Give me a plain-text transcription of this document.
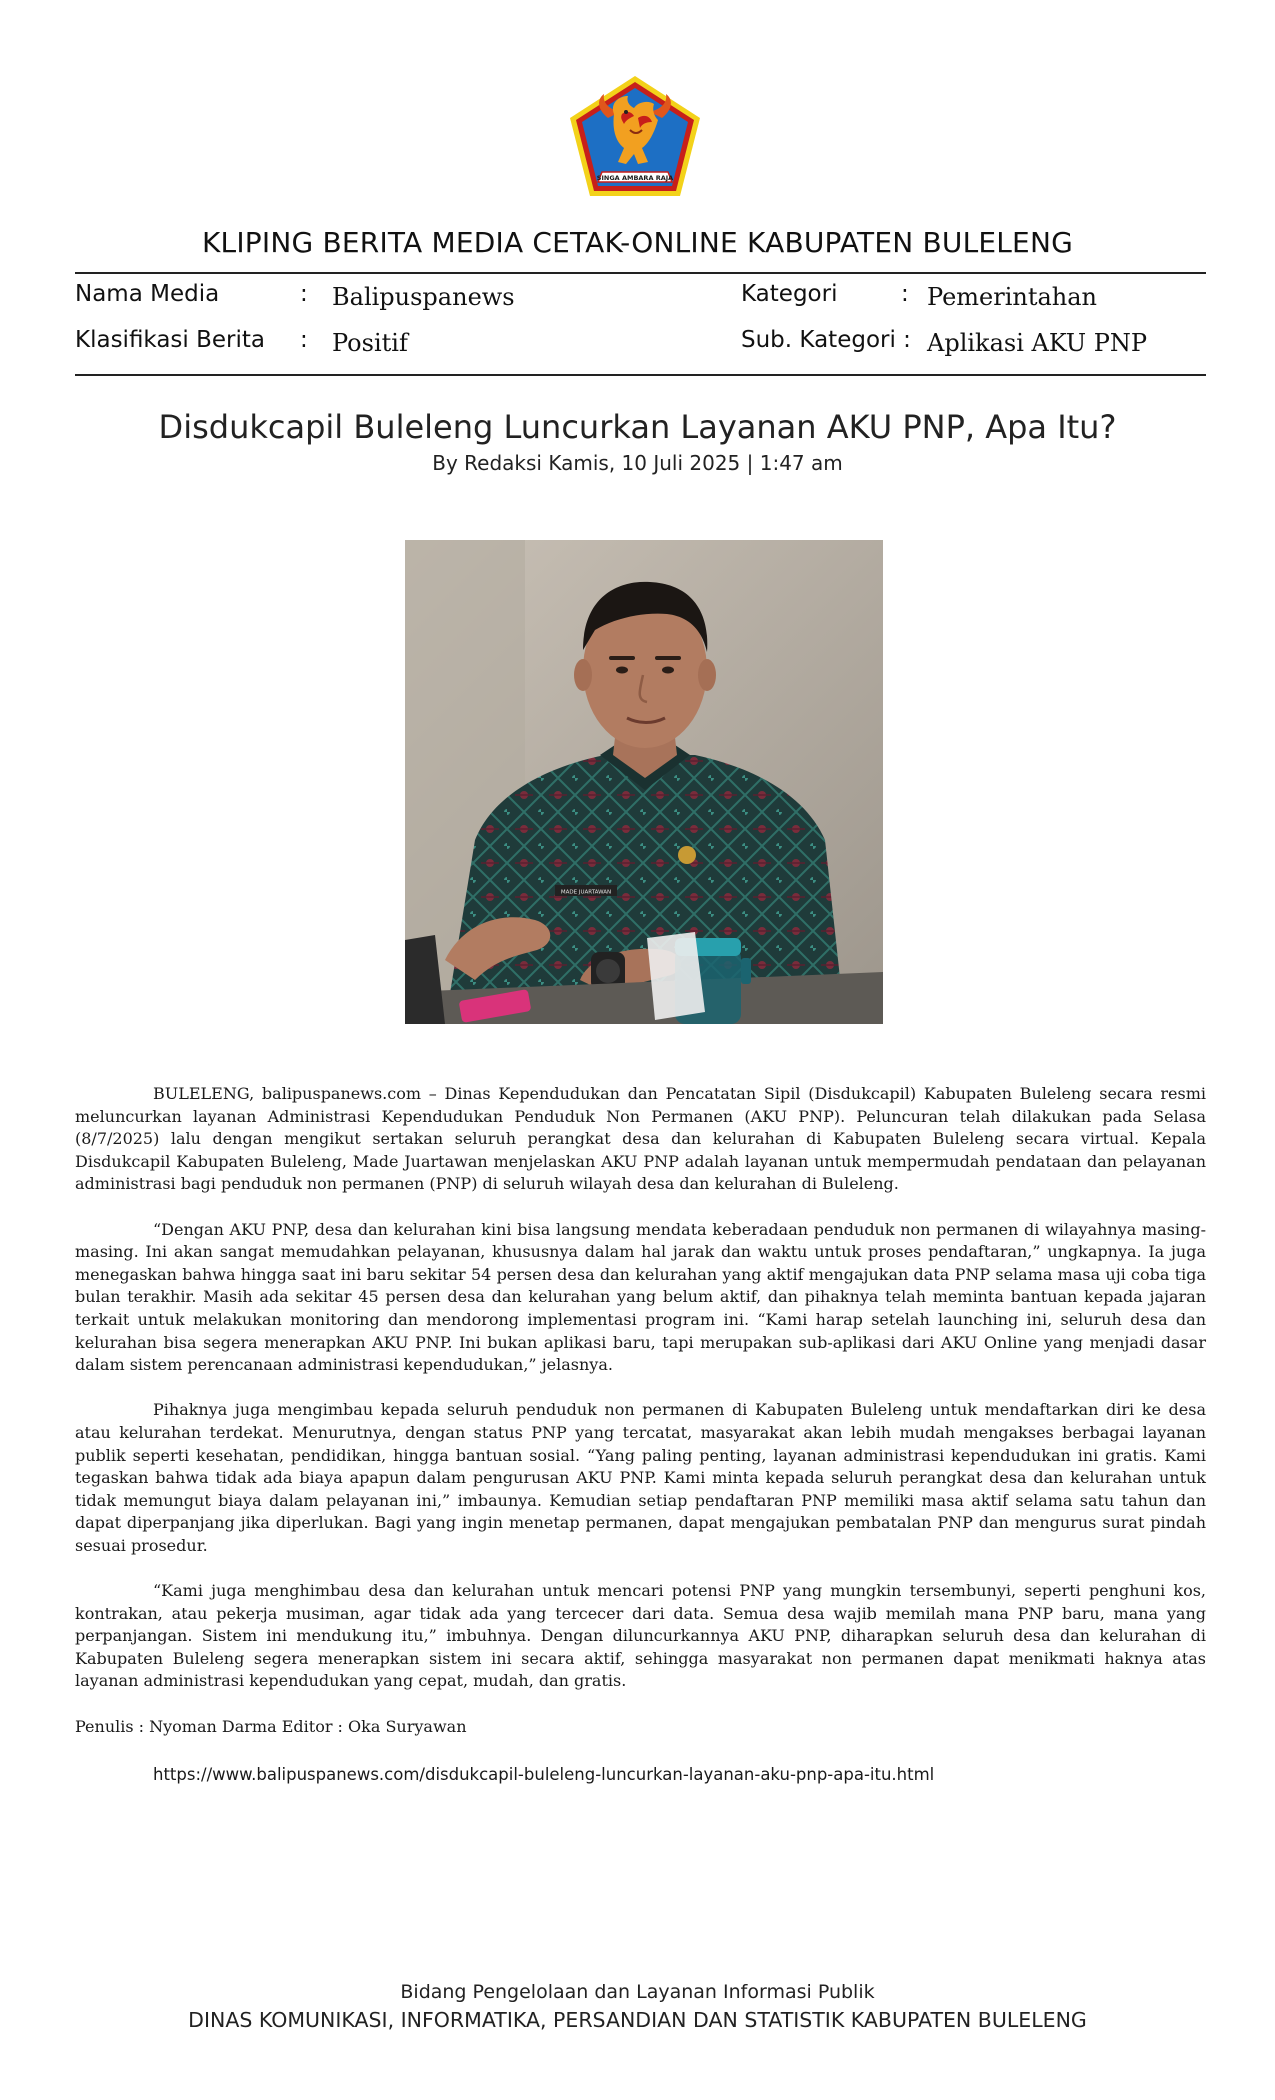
SINGA AMBARA RAJA
KLIPING BERITA MEDIA CETAK-ONLINE KABUPATEN BULELENG
Nama Media	: Balipuspanews	Kategori	: Pemerintahan
Klasifikasi Berita : Positif	Sub. Kategori : Aplikasi AKU PNP
Disdukcapil Buleleng Luncurkan Layanan AKU PNP, Apa Itu?
By Redaksi Kamis, 10 Juli 2025 | 1:47 am
MADE JUARTAWAN

BULELENG, balipuspanews.com – Dinas Kependudukan dan Pencatatan Sipil (Disdukcapil) Kabupaten Buleleng secara resmi meluncurkan layanan Administrasi Kependudukan Penduduk Non Permanen (AKU PNP). Peluncuran telah dilakukan pada Selasa (8/7/2025) lalu dengan mengikut sertakan seluruh perangkat desa dan kelurahan di Kabupaten Buleleng secara virtual. Kepala Disdukcapil Kabupaten Buleleng, Made Juartawan menjelaskan AKU PNP adalah layanan untuk mempermudah pendataan dan pelayanan administrasi bagi penduduk non permanen (PNP) di seluruh wilayah desa dan kelurahan di Buleleng.

“Dengan AKU PNP, desa dan kelurahan kini bisa langsung mendata keberadaan penduduk non permanen di wilayahnya masing-masing. Ini akan sangat memudahkan pelayanan, khususnya dalam hal jarak dan waktu untuk proses pendaftaran,” ungkapnya. Ia juga menegaskan bahwa hingga saat ini baru sekitar 54 persen desa dan kelurahan yang aktif mengajukan data PNP selama masa uji coba tiga bulan terakhir. Masih ada sekitar 45 persen desa dan kelurahan yang belum aktif, dan pihaknya telah meminta bantuan kepada jajaran terkait untuk melakukan monitoring dan mendorong implementasi program ini. “Kami harap setelah launching ini, seluruh desa dan kelurahan bisa segera menerapkan AKU PNP. Ini bukan aplikasi baru, tapi merupakan sub-aplikasi dari AKU Online yang menjadi dasar dalam sistem perencanaan administrasi kependudukan,” jelasnya.

Pihaknya juga mengimbau kepada seluruh penduduk non permanen di Kabupaten Buleleng untuk mendaftarkan diri ke desa atau kelurahan terdekat. Menurutnya, dengan status PNP yang tercatat, masyarakat akan lebih mudah mengakses berbagai layanan publik seperti kesehatan, pendidikan, hingga bantuan sosial. “Yang paling penting, layanan administrasi kependudukan ini gratis. Kami tegaskan bahwa tidak ada biaya apapun dalam pengurusan AKU PNP. Kami minta kepada seluruh perangkat desa dan kelurahan untuk tidak memungut biaya dalam pelayanan ini,” imbaunya. Kemudian setiap pendaftaran PNP memiliki masa aktif selama satu tahun dan dapat diperpanjang jika diperlukan. Bagi yang ingin menetap permanen, dapat mengajukan pembatalan PNP dan mengurus surat pindah sesuai prosedur.

“Kami juga menghimbau desa dan kelurahan untuk mencari potensi PNP yang mungkin tersembunyi, seperti penghuni kos, kontrakan, atau pekerja musiman, agar tidak ada yang tercecer dari data. Semua desa wajib memilah mana PNP baru, mana yang perpanjangan. Sistem ini mendukung itu,” imbuhnya. Dengan diluncurkannya AKU PNP, diharapkan seluruh desa dan kelurahan di Kabupaten Buleleng segera menerapkan sistem ini secara aktif, sehingga masyarakat non permanen dapat menikmati haknya atas layanan administrasi kependudukan yang cepat, mudah, dan gratis.

Penulis : Nyoman Darma Editor : Oka Suryawan

https://www.balipuspanews.com/disdukcapil-buleleng-luncurkan-layanan-aku-pnp-apa-itu.html

Bidang Pengelolaan dan Layanan Informasi Publik
DINAS KOMUNIKASI, INFORMATIKA, PERSANDIAN DAN STATISTIK KABUPATEN BULELENG
